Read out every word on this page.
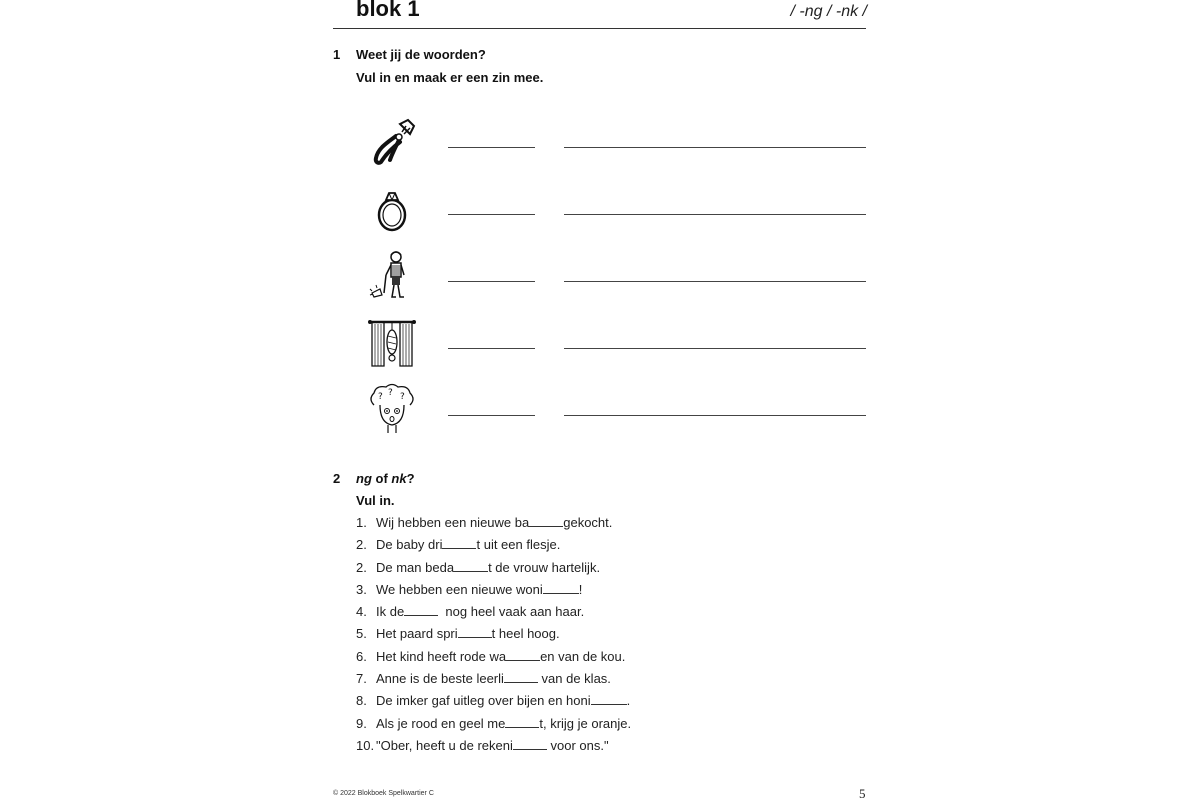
blok 1	/ -ng / -nk /
1 Weet jij de woorden?
Vul in en maak er een zin mee.
? ? ?
2 ng of nk?
Vul in.
1. Wij hebben een nieuwe ba	gekocht.
2. De baby dri	t uit een flesje.
2. De man beda	t de vrouw hartelijk.
3. We hebben een nieuwe woni	!
4. Ik de	nog heel vaak aan haar.
5. Het paard spri	t heel hoog.
6. Het kind heeft rode wa	en van de kou.
7. Anne is de beste leerli	van de klas.
8. De imker gaf uitleg over bijen en honi	.
9. Als je rood en geel me	t, krijg je oranje.
10. "Ober, heeft u de rekeni	voor ons."
© 2022 Blokboek Spelkwartier C	5
